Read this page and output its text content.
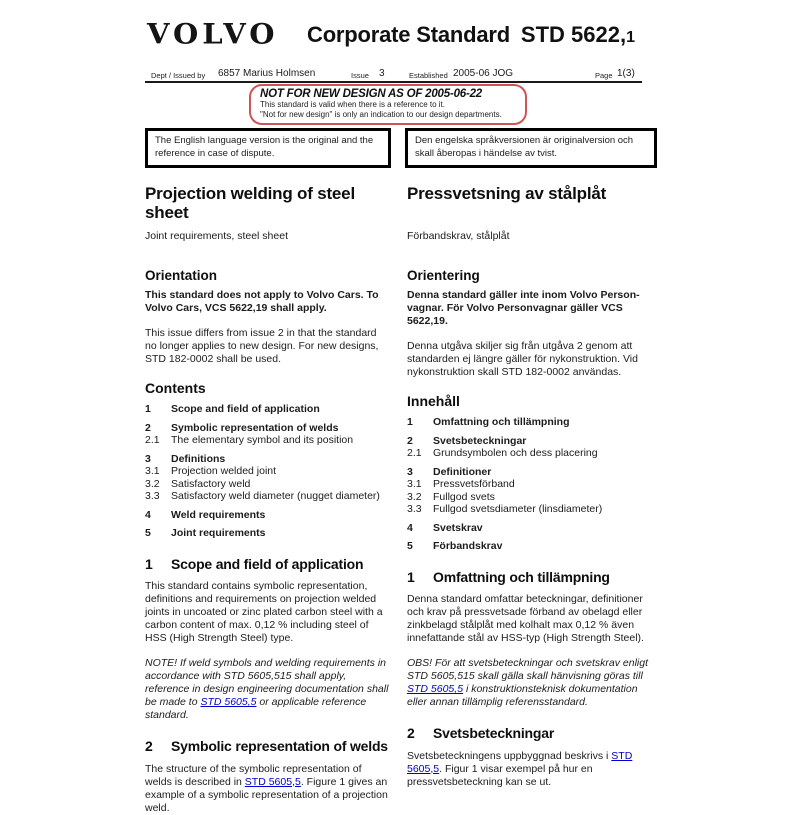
VOLVO Corporate Standard STD 5622,1
Dept / Issued by 6857 Marius Holmsen	Issue 3	Established 2005-06 JOG	Page 1(3)
NOT FOR NEW DESIGN AS OF 2005-06-22
This standard is valid when there is a reference to it.
"Not for new design" is only an indication to our design departments.
The English language version is the original and the reference in case of dispute.
Den engelska språkversionen är originalversion och skall åberopas i händelse av tvist.
Projection welding of steel
sheet
Joint requirements, steel sheet
Orientation

This standard does not apply to Volvo Cars. To Volvo Cars, VCS 5622,19 shall apply.

This issue differs from issue 2 in that the standard no longer applies to new design. For new designs, STD 182-0002 shall be used.

Contents
1	Scope and field of application
2	Symbolic representation of welds
2.1	The elementary symbol and its position
3	Definitions
3.1	Projection welded joint
3.2	Satisfactory weld
3.3	Satisfactory weld diameter (nugget diameter)
4	Weld requirements
5	Joint requirements
1	Scope and field of application

This standard contains symbolic representation, definitions and requirements on projection welded joints in uncoated or zinc plated carbon steel with a carbon content of max. 0,12 % including steel of HSS (High Strength Steel) type.

NOTE! If weld symbols and welding requirements in accordance with STD 5605,515 shall apply, reference in design engineering documentation shall be made to STD 5605,5 or applicable reference standard.

2	Symbolic representation of welds

The structure of the symbolic representation of welds is described in STD 5605,5. Figure 1 gives an example of a symbolic representation of a projection weld.

Pressvetsning av stålplåt
Förbandskrav, stålplåt
Orientering

Denna standard gäller inte inom Volvo Person-vagnar. För Volvo Personvagnar gäller VCS 5622,19.

Denna utgåva skiljer sig från utgåva 2 genom att standarden ej längre gäller för nykonstruktion. Vid nykonstruktion skall STD 182-0002 användas.

Innehåll
1	Omfattning och tillämpning
2	Svetsbeteckningar
2.1	Grundsymbolen och dess placering
3	Definitioner
3.1	Pressvetsförband
3.2	Fullgod svets
3.3	Fullgod svetsdiameter (linsdiameter)
4	Svetskrav
5	Förbandskrav
1	Omfattning och tillämpning

Denna standard omfattar beteckningar, definitioner och krav på pressvetsade förband av obelagd eller zinkbelagd stålplåt med kolhalt max 0,12 % även innefattande stål av HSS-typ (High Strength Steel).

OBS! För att svetsbeteckningar och svetskrav enligt STD 5605,515 skall gälla skall hänvisning göras till STD 5605,5 i konstruktionsteknisk dokumentation eller annan tillämplig referensstandard.

2	Svetsbeteckningar

Svetsbeteckningens uppbyggnad beskrivs i STD 5605,5. Figur 1 visar exempel på hur en pressvetsbeteckning kan se ut.
